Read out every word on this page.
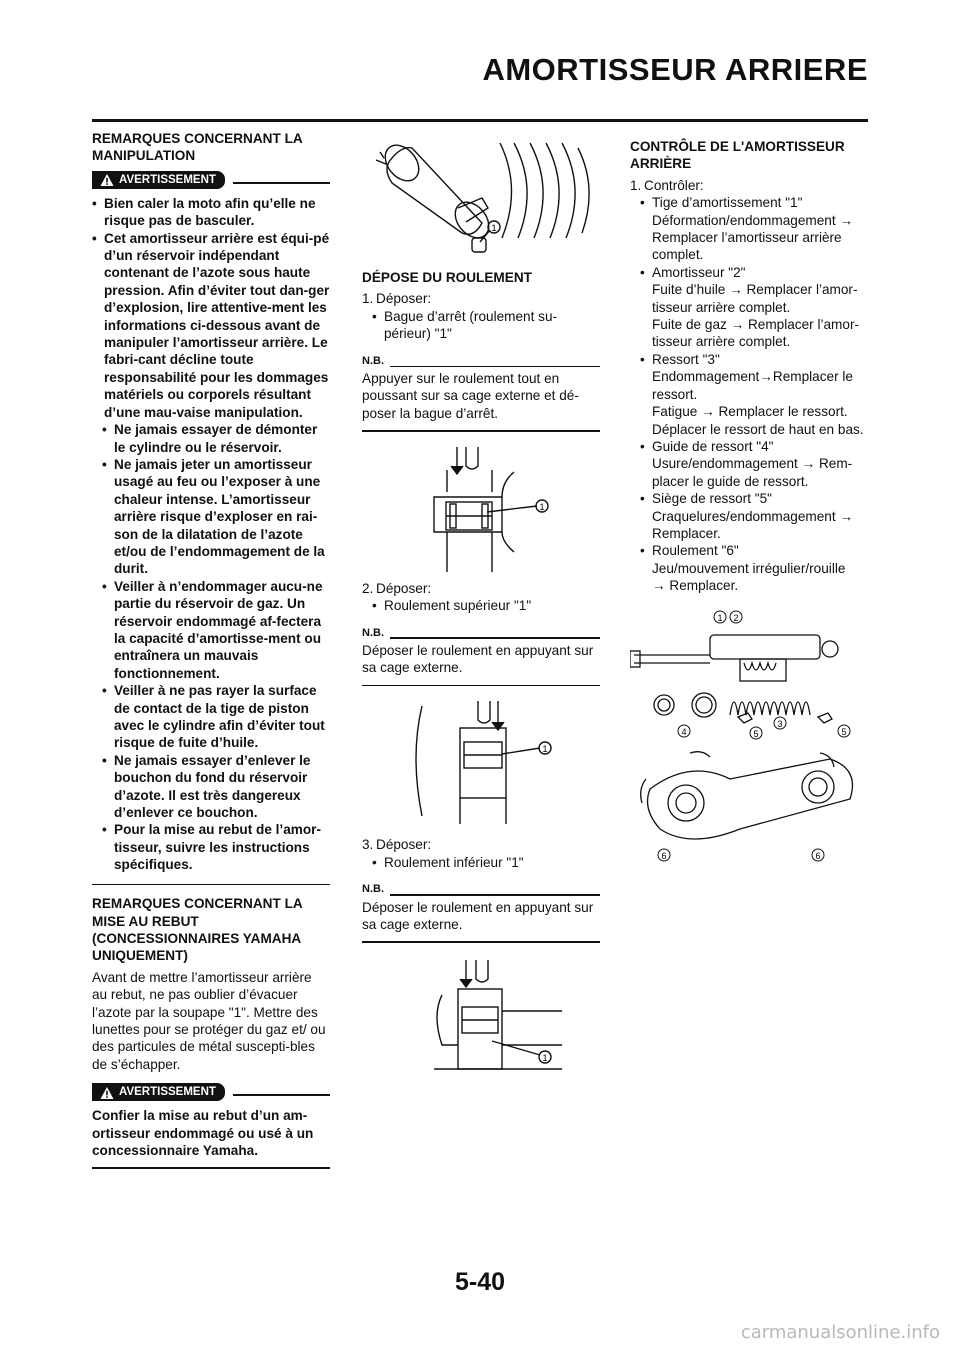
AMORTISSEUR ARRIERE
REMARQUES CONCERNANT LA MANIPULATION
AVERTISSEMENT
• Bien caler la moto afin qu’elle ne risque pas de basculer.
• Cet amortisseur arrière est équi-pé d’un réservoir indépendant contenant de l’azote sous haute pression. Afin d’éviter tout dan-ger d’explosion, lire attentive-ment les informations ci-dessous avant de manipuler l’amortisseur arrière. Le fabri-cant décline toute responsabilité pour les dommages matériels ou corporels résultant d’une mau-vaise manipulation.
• Ne jamais essayer de démonter le cylindre ou le réservoir.
• Ne jamais jeter un amortisseur usagé au feu ou l’exposer à une chaleur intense. L’amortisseur arrière risque d’exploser en rai-son de la dilatation de l’azote et/ou de l’endommagement de la durit.
• Veiller à n’endommager aucu-ne partie du réservoir de gaz. Un réservoir endommagé af-fectera la capacité d’amortisse-ment ou entraînera un mauvais fonctionnement.
• Veiller à ne pas rayer la surface de contact de la tige de piston avec le cylindre afin d’éviter tout risque de fuite d’huile.
• Ne jamais essayer d’enlever le bouchon du fond du réservoir d’azote. Il est très dangereux d’enlever ce bouchon.
• Pour la mise au rebut de l’amor-tisseur, suivre les instructions spécifiques.
REMARQUES CONCERNANT LA MISE AU REBUT (CONCESSIONNAIRES YAMAHA UNIQUEMENT)
Avant de mettre l’amortisseur arrière au rebut, ne pas oublier d’évacuer l’azote par la soupape "1". Mettre des lunettes pour se protéger du gaz et/ ou des particules de métal suscepti-bles de s’échapper.
AVERTISSEMENT
Confier la mise au rebut d’un am-ortisseur endommagé ou usé à un concessionnaire Yamaha.
1
DÉPOSE DU ROULEMENT
1. Déposer:
• Bague d’arrêt (roulement su-périeur) "1"
N.B.
Appuyer sur le roulement tout en poussant sur sa cage externe et dé-poser la bague d’arrêt.
1
2. Déposer:
• Roulement supérieur "1"
N.B.
Déposer le roulement en appuyant sur sa cage externe.
1
3. Déposer:
• Roulement inférieur "1"
N.B.
Déposer le roulement en appuyant sur sa cage externe.
1
CONTRÔLE DE L'AMORTISSEUR ARRIÈRE
1. Contrôler:
• Tige d’amortissement "1"
Déformation/endommagement →
Remplacer l’amortisseur arrière complet.
• Amortisseur "2"
Fuite d’huile → Remplacer l’amor-tisseur arrière complet.
Fuite de gaz → Remplacer l’amor-tisseur arrière complet.
• Ressort "3"
Endommagement→Remplacer le ressort.
Fatigue → Remplacer le ressort.
Déplacer le ressort de haut en bas.
• Guide de ressort "4"
Usure/endommagement → Rem-placer le guide de ressort.
• Siège de ressort "5"
Craquelures/endommagement →
Remplacer.
• Roulement "6"
Jeu/mouvement irrégulier/rouille
→ Remplacer.
1 2
3
4	5	5
6	6
5-40
carmanualsonline.info
